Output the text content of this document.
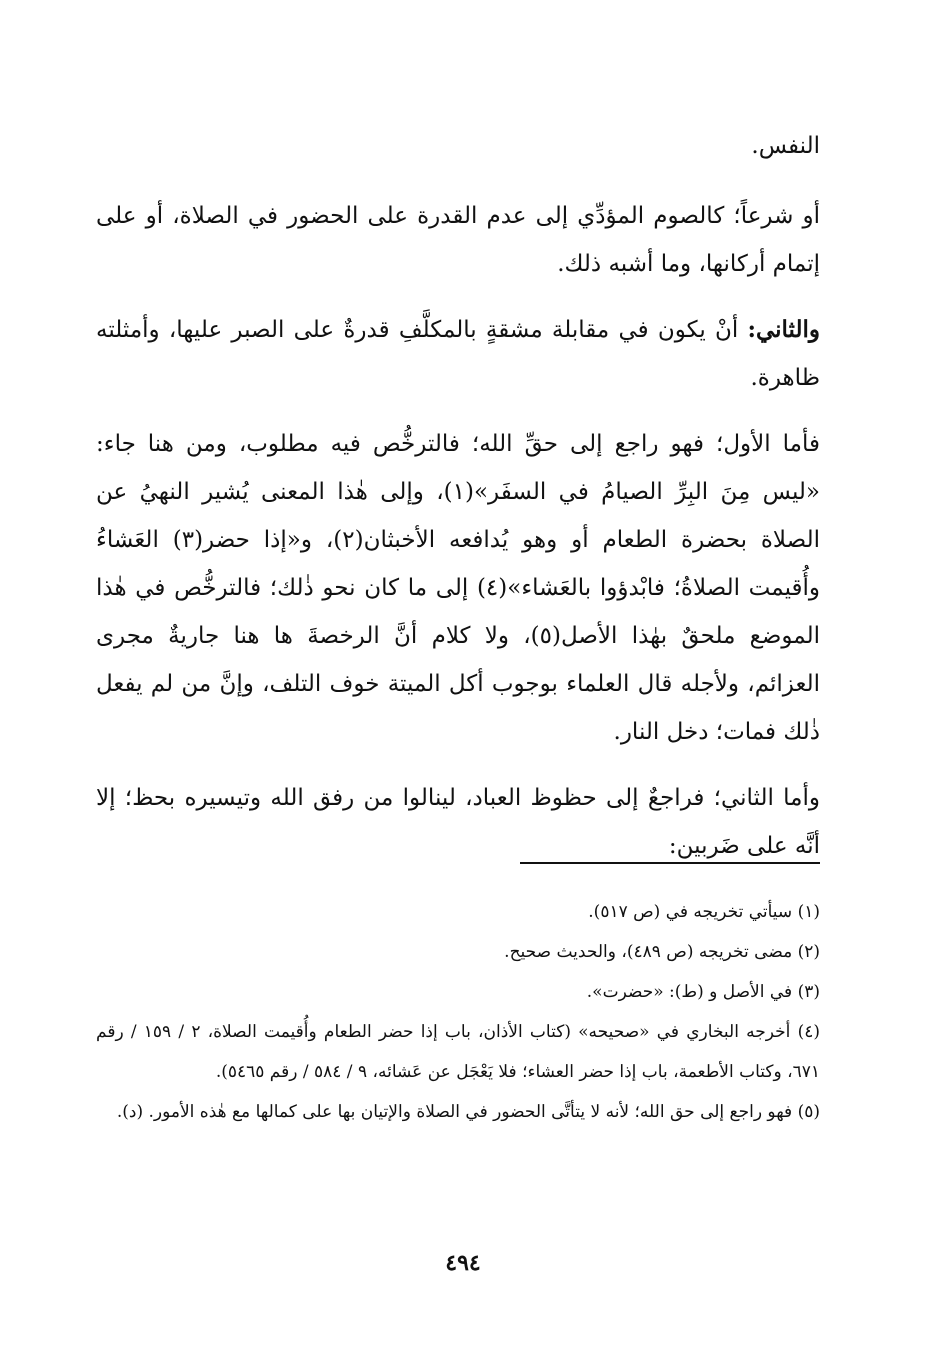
النفس.

أو شرعاً؛ كالصوم المؤدِّي إلى عدم القدرة على الحضور في الصلاة، أو على إتمام أركانها، وما أشبه ذلك.

والثاني: أنْ يكون في مقابلة مشقةٍ بالمكلَّفِ قدرةٌ على الصبر عليها، وأمثلته ظاهرة.

فأما الأول؛ فهو راجع إلى حقِّ الله؛ فالترخُّص فيه مطلوب، ومن هنا جاء: «ليس مِنَ البِرِّ الصيامُ في السفَر»(١)، وإلى هٰذا المعنى يُشير النهيُ عن الصلاة بحضرة الطعام أو وهو يُدافعه الأخبثان(٢)، و«إذا حضر(٣) العَشاءُ وأُقيمت الصلاةُ؛ فابْدؤوا بالعَشاء»(٤) إلى ما كان نحو ذٰلك؛ فالترخُّص في هٰذا الموضع ملحقٌ بهٰذا الأصل(٥)، ولا كلام أنَّ الرخصةَ ها هنا جاريةٌ مجرى العزائم، ولأجله قال العلماء بوجوب أكل الميتة خوف التلف، وإنَّ من لم يفعل ذٰلك فمات؛ دخل النار.

وأما الثاني؛ فراجعٌ إلى حظوظ العباد، لينالوا من رفق الله وتيسيره بحظ؛ إلا أنَّه على ضَربين:

(١) سيأتي تخريجه في (ص ٥١٧).

(٢) مضى تخريجه (ص ٤٨٩)، والحديث صحيح.

(٣) في الأصل و (ط): «حضرت».

(٤) أخرجه البخاري في «صحيحه» (كتاب الأذان، باب إذا حضر الطعام وأُقيمت الصلاة، ٢ / ١٥٩ / رقم ٦٧١، وكتاب الأطعمة، باب إذا حضر العشاء؛ فلا يَعْجَل عن عَشائه، ٩ / ٥٨٤ / رقم ٥٤٦٥).

(٥) فهو راجع إلى حق الله؛ لأنه لا يتأتَّى الحضور في الصلاة والإتيان بها على كمالها مع هٰذه الأمور. (د).

٤٩٤
